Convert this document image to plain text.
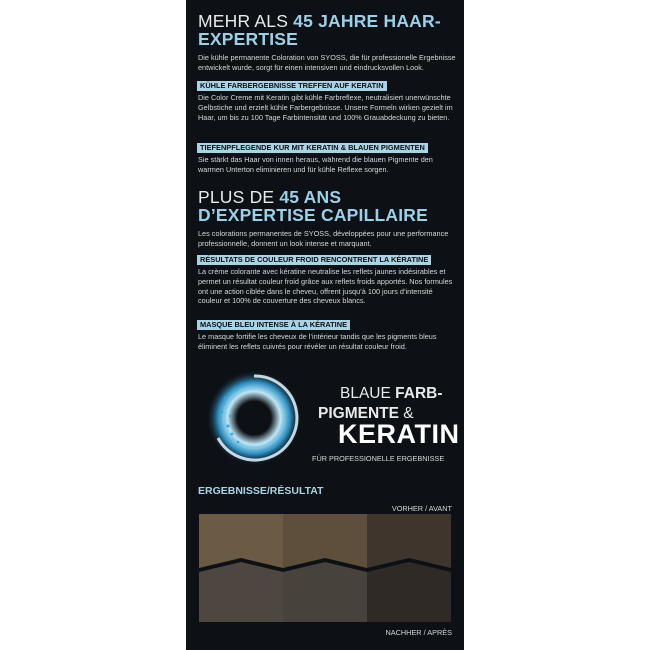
MEHR ALS 45 JAHRE HAAR-EXPERTISE
Die kühle permanente Coloration von SYOSS, die für professionelle Ergebnisse entwickelt wurde, sorgt für einen intensiven und eindrucksvollen Look.
KÜHLE FARBERGEBNISSE TREFFEN AUF KERATIN
Die Color Creme mit Keratin gibt kühle Farbreflexe, neutralisiert unerwünschte Gelbstiche und erzielt kühle Farbergebnisse. Unsere Formeln wirken gezielt im Haar, um bis zu 100 Tage Farbintensität und 100% Grauabdeckung zu bieten.
TIEFENPFLEGENDE KUR MIT KERATIN & BLAUEN PIGMENTEN
Sie stärkt das Haar von innen heraus, während die blauen Pigmente den warmen Unterton eliminieren und für kühle Reflexe sorgen.
PLUS DE 45 ANS D’EXPERTISE CAPILLAIRE
Les colorations permanentes de SYOSS, développées pour une performance professionnelle, donnent un look intense et marquant.
RÉSULTATS DE COULEUR FROID RENCONTRENT LA KÉRATINE
La crème colorante avec kératine neutralise les reflets jaunes indésirables et permet un résultat couleur froid grâce aux reflets froids apportés. Nos formules ont une action ciblée dans le cheveu, offrent jusqu’à 100 jours d’intensité couleur et 100% de couverture des cheveux blancs.
MASQUE BLEU INTENSE À LA KÉRATINE
Le masque fortifie les cheveux de l’intérieur tandis que les pigments bleus éliminent les reflets cuivrés pour révéler un résultat couleur froid.
BLAUE FARB-
PIGMENTE &
KERATIN
FÜR PROFESSIONELLE ERGEBNISSE
ERGEBNISSE/RÉSULTAT
VORHER / AVANT
NACHHER / APRÈS
